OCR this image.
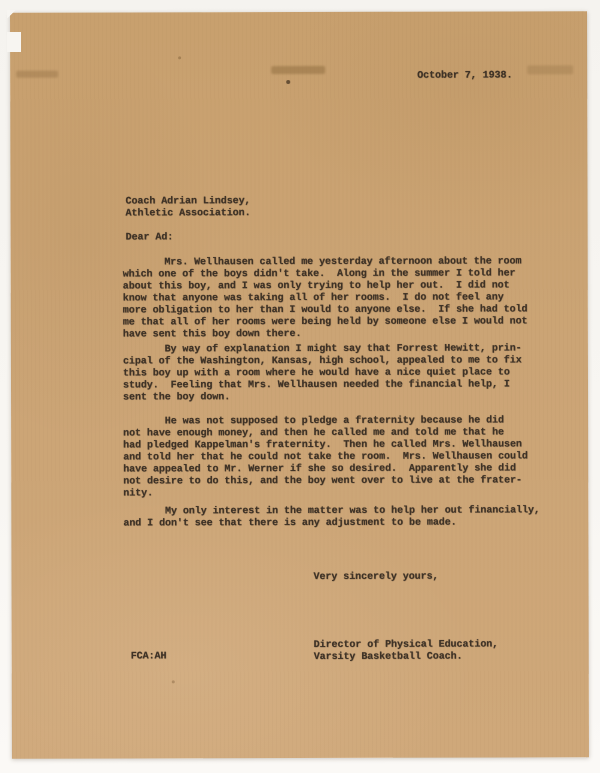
October 7, 1938.
Coach Adrian Lindsey,
Athletic Association.
Dear Ad:
Mrs. Wellhausen called me yesterday afternoon about the room
which one of the boys didn't take.  Along in the summer I told her
about this boy, and I was only trying to help her out.  I did not
know that anyone was taking all of her rooms.  I do not feel any
more obligation to her than I would to anyone else.  If she had told
me that all of her rooms were being held by someone else I would not
have sent this boy down there.
By way of explanation I might say that Forrest Hewitt, prin-
cipal of the Washington, Kansas, high school, appealed to me to fix
this boy up with a room where he would have a nice quiet place to
study.  Feeling that Mrs. Wellhausen needed the financial help, I
sent the boy down.
He was not supposed to pledge a fraternity because he did
not have enough money, and then he called me and told me that he
had pledged Kappelman's fraternity.  Then he called Mrs. Wellhausen
and told her that he could not take the room.  Mrs. Wellhausen could
have appealed to Mr. Werner if she so desired.  Apparently she did
not desire to do this, and the boy went over to live at the frater-
nity.
My only interest in the matter was to help her out financially,
and I don't see that there is any adjustment to be made.
Very sincerely yours,
Director of Physical Education,
Varsity Basketball Coach.
FCA:AH
